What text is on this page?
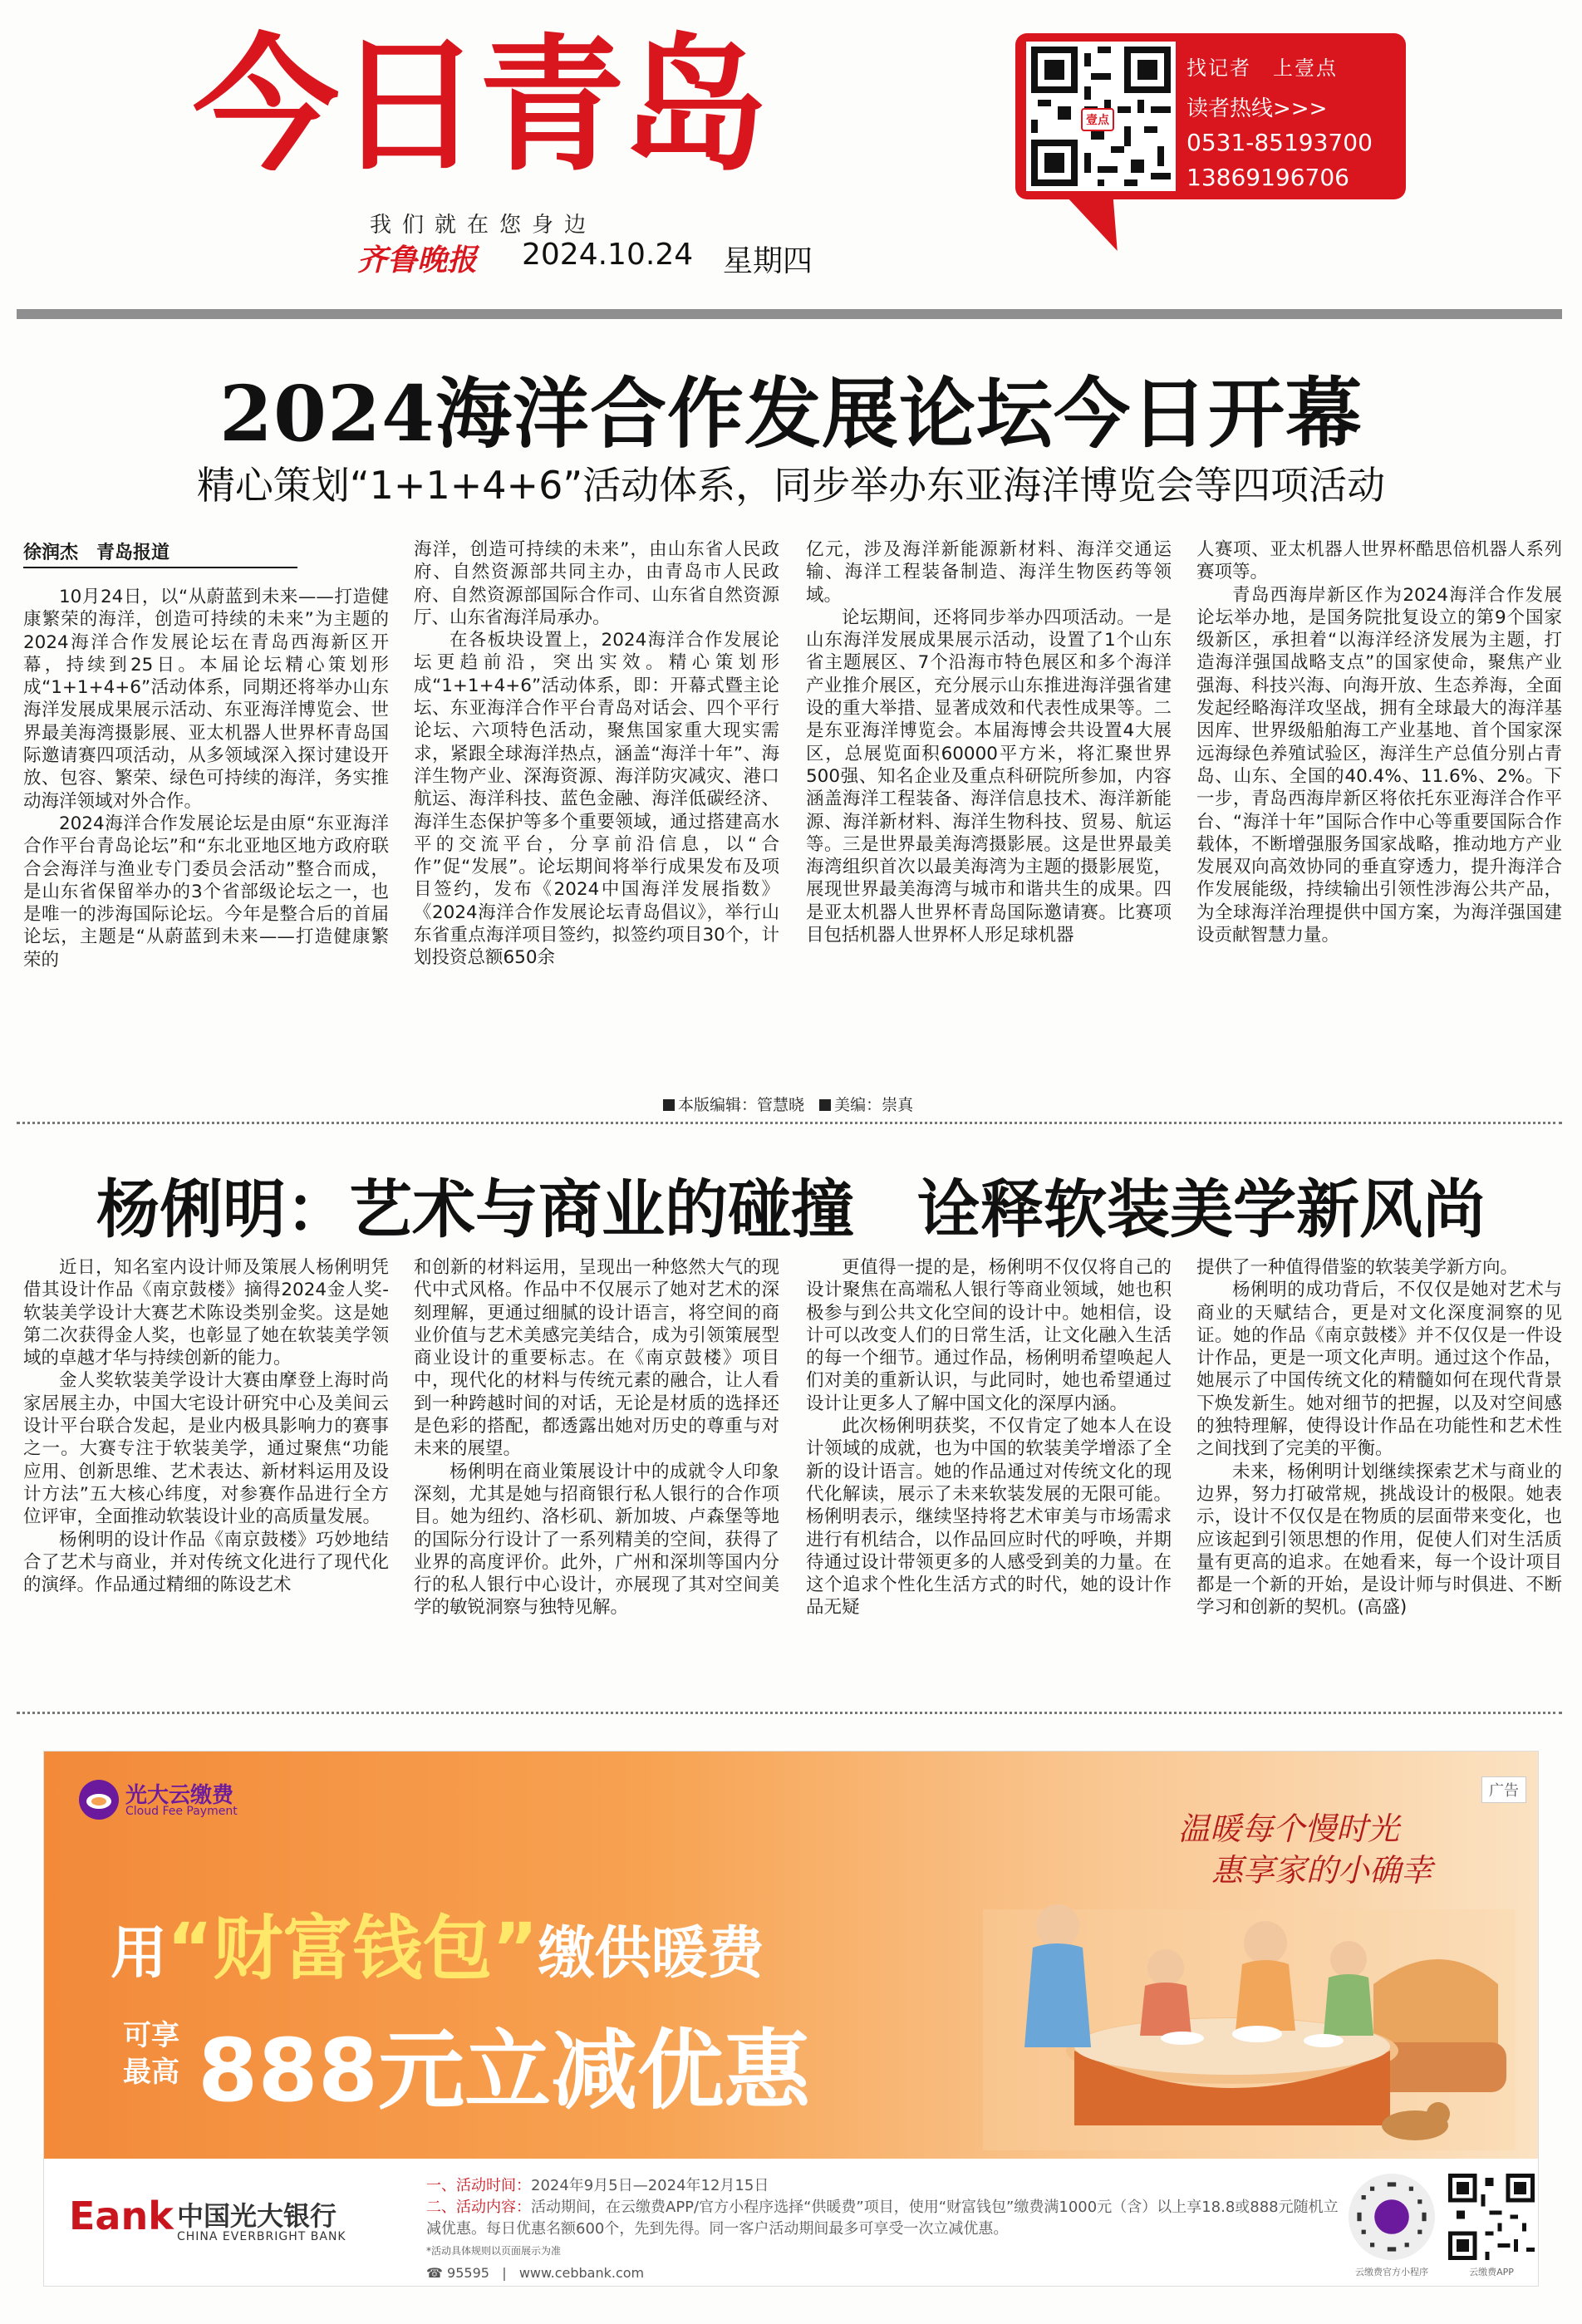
今日青岛
我们就在您身边
齐鲁晚报 2024.10.24 星期四
壹点
找记者　上壹点
读者热线>>>
0531-85193700
13869196706
2024海洋合作发展论坛今日开幕
精心策划“1+1+4+6”活动体系，同步举办东亚海洋博览会等四项活动
徐润杰　青岛报道

10月24日，以“从蔚蓝到未来——打造健康繁荣的海洋，创造可持续的未来”为主题的2024海洋合作发展论坛在青岛西海新区开幕，持续到25日。本届论坛精心策划形成“1+1+4+6”活动体系，同期还将举办山东海洋发展成果展示活动、东亚海洋博览会、世界最美海湾摄影展、亚太机器人世界杯青岛国际邀请赛四项活动，从多领域深入探讨建设开放、包容、繁荣、绿色可持续的海洋，务实推动海洋领域对外合作。

2024海洋合作发展论坛是由原“东亚海洋合作平台青岛论坛”和“东北亚地区地方政府联合会海洋与渔业专门委员会活动”整合而成，是山东省保留举办的3个省部级论坛之一，也是唯一的涉海国际论坛。今年是整合后的首届论坛，主题是“从蔚蓝到未来——打造健康繁荣的

海洋，创造可持续的未来”，由山东省人民政府、自然资源部共同主办，由青岛市人民政府、自然资源部国际合作司、山东省自然资源厅、山东省海洋局承办。

在各板块设置上，2024海洋合作发展论坛更趋前沿，突出实效。精心策划形成“1+1+4+6”活动体系，即：开幕式暨主论坛、东亚海洋合作平台青岛对话会、四个平行论坛、六项特色活动，聚焦国家重大现实需求，紧跟全球海洋热点，涵盖“海洋十年”、海洋生物产业、深海资源、海洋防灾减灾、港口航运、海洋科技、蓝色金融、海洋低碳经济、海洋生态保护等多个重要领域，通过搭建高水平的交流平台，分享前沿信息，以“合作”促“发展”。论坛期间将举行成果发布及项目签约，发布《2024中国海洋发展指数》《2024海洋合作发展论坛青岛倡议》，举行山东省重点海洋项目签约，拟签约项目30个，计划投资总额650余

亿元，涉及海洋新能源新材料、海洋交通运输、海洋工程装备制造、海洋生物医药等领域。

论坛期间，还将同步举办四项活动。一是山东海洋发展成果展示活动，设置了1个山东省主题展区、7个沿海市特色展区和多个海洋产业推介展区，充分展示山东推进海洋强省建设的重大举措、显著成效和代表性成果等。二是东亚海洋博览会。本届海博会共设置4大展区，总展览面积60000平方米，将汇聚世界500强、知名企业及重点科研院所参加，内容涵盖海洋工程装备、海洋信息技术、海洋新能源、海洋新材料、海洋生物科技、贸易、航运等。三是世界最美海湾摄影展。这是世界最美海湾组织首次以最美海湾为主题的摄影展览，展现世界最美海湾与城市和谐共生的成果。四是亚太机器人世界杯青岛国际邀请赛。比赛项目包括机器人世界杯人形足球机器

人赛项、亚太机器人世界杯酷思倍机器人系列赛项等。

青岛西海岸新区作为2024海洋合作发展论坛举办地，是国务院批复设立的第9个国家级新区，承担着“以海洋经济发展为主题，打造海洋强国战略支点”的国家使命，聚焦产业强海、科技兴海、向海开放、生态养海，全面发起经略海洋攻坚战，拥有全球最大的海洋基因库、世界级船舶海工产业基地、首个国家深远海绿色养殖试验区，海洋生产总值分别占青岛、山东、全国的40.4%、11.6%、2%。下一步，青岛西海岸新区将依托东亚海洋合作平台、“海洋十年”国际合作中心等重要国际合作载体，不断增强服务国家战略，推动地方产业发展双向高效协同的垂直穿透力，提升海洋合作发展能级，持续输出引领性涉海公共产品，为全球海洋治理提供中国方案，为海洋强国建设贡献智慧力量。

本版编辑：管慧晓 美编：崇真
杨俐明：艺术与商业的碰撞　诠释软装美学新风尚

近日，知名室内设计师及策展人杨俐明凭借其设计作品《南京鼓楼》摘得2024金人奖-软装美学设计大赛艺术陈设类别金奖。这是她第二次获得金人奖，也彰显了她在软装美学领域的卓越才华与持续创新的能力。

金人奖软装美学设计大赛由摩登上海时尚家居展主办，中国大宅设计研究中心及美间云设计平台联合发起，是业内极具影响力的赛事之一。大赛专注于软装美学，通过聚焦“功能应用、创新思维、艺术表达、新材料运用及设计方法”五大核心纬度，对参赛作品进行全方位评审，全面推动软装设计业的高质量发展。

杨俐明的设计作品《南京鼓楼》巧妙地结合了艺术与商业，并对传统文化进行了现代化的演绎。作品通过精细的陈设艺术

和创新的材料运用，呈现出一种悠然大气的现代中式风格。作品中不仅展示了她对艺术的深刻理解，更通过细腻的设计语言，将空间的商业价值与艺术美感完美结合，成为引领策展型商业设计的重要标志。在《南京鼓楼》项目中，现代化的材料与传统元素的融合，让人看到一种跨越时间的对话，无论是材质的选择还是色彩的搭配，都透露出她对历史的尊重与对未来的展望。

杨俐明在商业策展设计中的成就令人印象深刻，尤其是她与招商银行私人银行的合作项目。她为纽约、洛杉矶、新加坡、卢森堡等地的国际分行设计了一系列精美的空间，获得了业界的高度评价。此外，广州和深圳等国内分行的私人银行中心设计，亦展现了其对空间美学的敏锐洞察与独特见解。

更值得一提的是，杨俐明不仅仅将自己的设计聚焦在高端私人银行等商业领域，她也积极参与到公共文化空间的设计中。她相信，设计可以改变人们的日常生活，让文化融入生活的每一个细节。通过作品，杨俐明希望唤起人们对美的重新认识，与此同时，她也希望通过设计让更多人了解中国文化的深厚内涵。

此次杨俐明获奖，不仅肯定了她本人在设计领域的成就，也为中国的软装美学增添了全新的设计语言。她的作品通过对传统文化的现代化解读，展示了未来软装发展的无限可能。杨俐明表示，继续坚持将艺术审美与市场需求进行有机结合，以作品回应时代的呼唤，并期待通过设计带领更多的人感受到美的力量。在这个追求个性化生活方式的时代，她的设计作品无疑

提供了一种值得借鉴的软装美学新方向。

杨俐明的成功背后，不仅仅是她对艺术与商业的天赋结合，更是对文化深度洞察的见证。她的作品《南京鼓楼》并不仅仅是一件设计作品，更是一项文化声明。通过这个作品，她展示了中国传统文化的精髓如何在现代背景下焕发新生。她对细节的把握，以及对空间感的独特理解，使得设计作品在功能性和艺术性之间找到了完美的平衡。

未来，杨俐明计划继续探索艺术与商业的边界，努力打破常规，挑战设计的极限。她表示，设计不仅仅是在物质的层面带来变化，也应该起到引领思想的作用，促使人们对生活质量有更高的追求。在她看来，每一个设计项目都是一个新的开始，是设计师与时俱进、不断学习和创新的契机。(高盛)

光大云缴费
Cloud Fee Payment
广告
温暖每个慢时光
惠享家的小确幸
用“财富钱包”缴供暖费
可享最高 888元立减优惠
Eank 中国光大银行
CHINA EVERBRIGHT BANK
一、活动时间：2024年9月5日—2024年12月15日
二、活动内容：活动期间，在云缴费APP/官方小程序选择“供暖费”项目，使用“财富钱包”缴费满1000元（含）以上享18.8或888元随机立减优惠。每日优惠名额600个，先到先得。同一客户活动期间最多可享受一次立减优惠。
*活动具体规则以页面展示为准
☎ 95595   |   www.cebbank.com	云缴费官方小程序	云缴费APP
